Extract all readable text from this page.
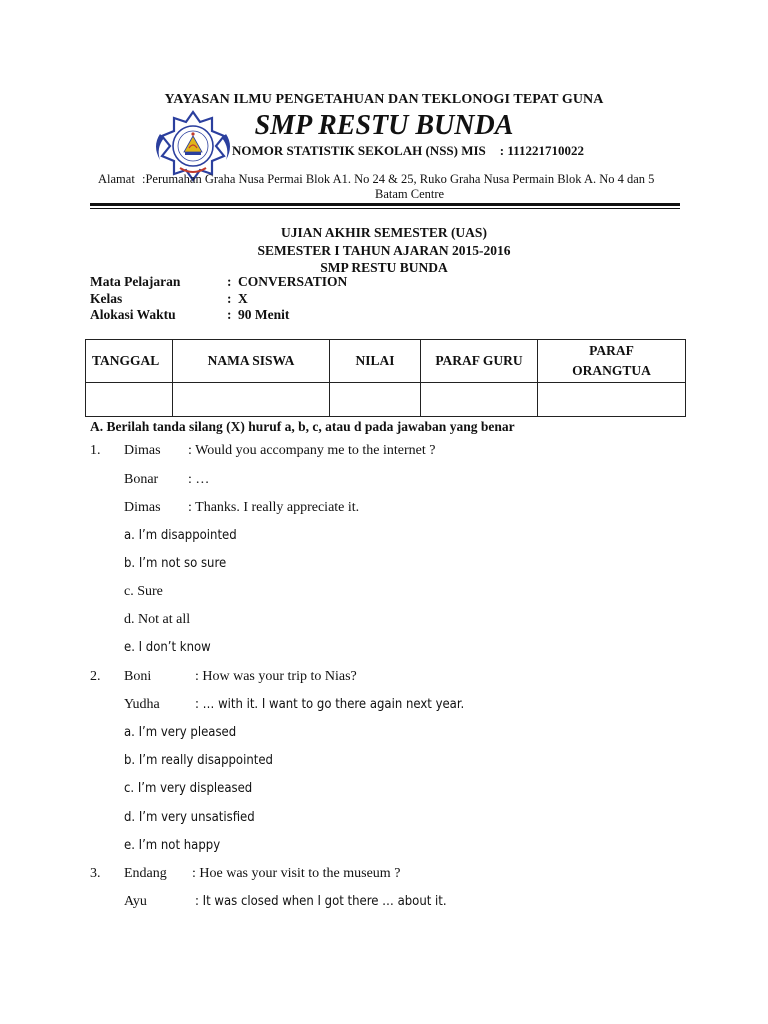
YAYASAN ILMU PENGETAHUAN DAN TEKLONOGI TEPAT GUNA
SMP RESTU BUNDA
NOMOR STATISTIK SEKOLAH (NSS) MIS : 111221710022
Alamat :Perumahan Graha Nusa Permai Blok A1. No 24 & 25, Ruko Graha Nusa Permain Blok A. No 4 dan 5
Batam Centre
UJIAN AKHIR SEMESTER (UAS)
SEMESTER I TAHUN AJARAN 2015-2016
SMP RESTU BUNDA
Mata Pelajaran	: CONVERSATION
Kelas	: X
Alokasi Waktu	: 90 Menit
TANGGAL	NAMA SISWA	NILAI	PARAF GURU	PARAF
ORANGTUA

A. Berilah tanda silang (X) huruf a, b, c, atau d pada jawaban yang benar
1. Dimas : Would you accompany me to the internet ?
Bonar : …
Dimas : Thanks. I really appreciate it.
a. I’m disappointed
b. I’m not so sure
c. Sure
d. Not at all
e. I don’t know
2. Boni	: How was your trip to Nias?
Yudha	: … with it. I want to go there again next year.
a. I’m very pleased
b. I’m really disappointed
c. I’m very displeased
d. I’m very unsatisfied
e. I’m not happy
3. Endang : Hoe was your visit to the museum ?
Ayu	: It was closed when I got there … about it.
